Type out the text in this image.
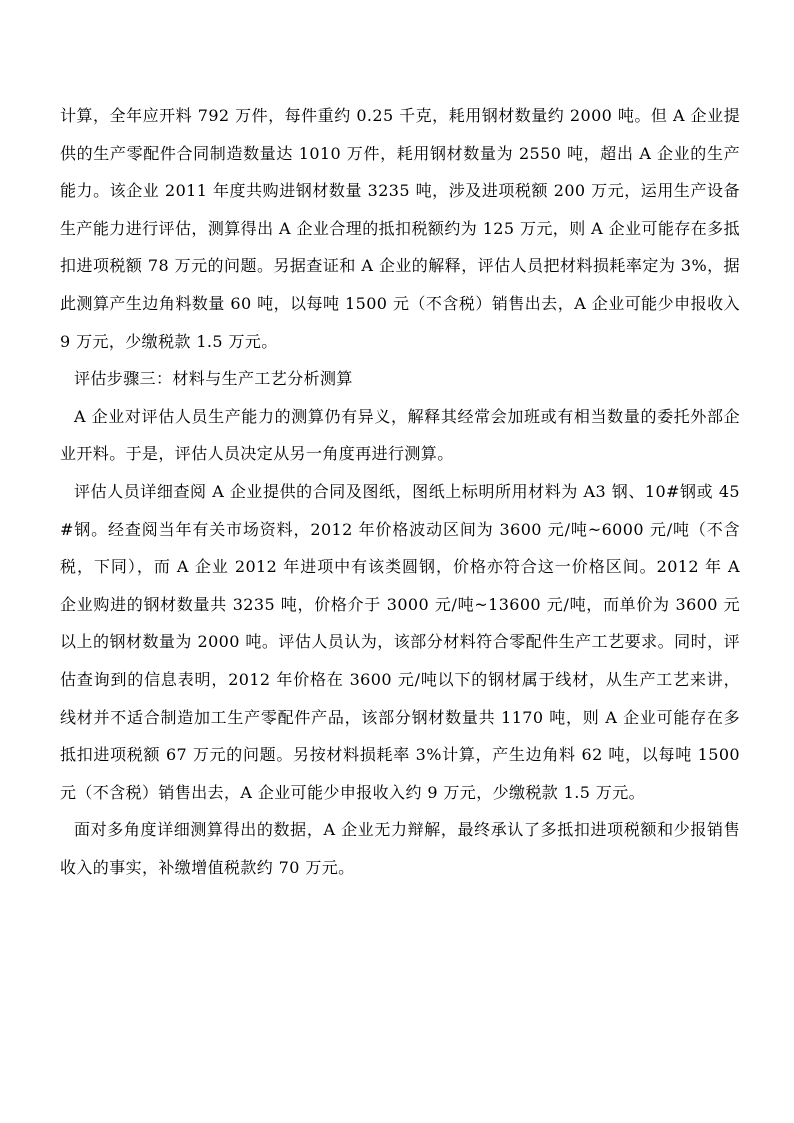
计算，全年应开料 792 万件，每件重约 0.25 千克，耗用钢材数量约 2000 吨。但 A 企业提供的生产零配件合同制造数量达 1010 万件，耗用钢材数量为 2550 吨，超出 A 企业的生产能力。该企业 2011 年度共购进钢材数量 3235 吨，涉及进项税额 200 万元，运用生产设备生产能力进行评估，测算得出 A 企业合理的抵扣税额约为 125 万元，则 A 企业可能存在多抵扣进项税额 78 万元的问题。另据查证和 A 企业的解释，评估人员把材料损耗率定为 3%，据此测算产生边角料数量 60 吨，以每吨 1500 元（不含税）销售出去，A 企业可能少申报收入 9 万元，少缴税款 1.5 万元。

评估步骤三：材料与生产工艺分析测算

A 企业对评估人员生产能力的测算仍有异义，解释其经常会加班或有相当数量的委托外部企业开料。于是，评估人员决定从另一角度再进行测算。

评估人员详细查阅 A 企业提供的合同及图纸，图纸上标明所用材料为 A3 钢、10#钢或 45#钢。经查阅当年有关市场资料，2012 年价格波动区间为 3600 元/吨~6000 元/吨（不含税，下同），而 A 企业 2012 年进项中有该类圆钢，价格亦符合这一价格区间。2012 年 A 企业购进的钢材数量共 3235 吨，价格介于 3000 元/吨~13600 元/吨，而单价为 3600 元以上的钢材数量为 2000 吨。评估人员认为，该部分材料符合零配件生产工艺要求。同时，评估查询到的信息表明，2012 年价格在 3600 元/吨以下的钢材属于线材，从生产工艺来讲，线材并不适合制造加工生产零配件产品，该部分钢材数量共 1170 吨，则 A 企业可能存在多抵扣进项税额 67 万元的问题。另按材料损耗率 3%计算，产生边角料 62 吨，以每吨 1500 元（不含税）销售出去，A 企业可能少申报收入约 9 万元，少缴税款 1.5 万元。

面对多角度详细测算得出的数据，A 企业无力辩解，最终承认了多抵扣进项税额和少报销售收入的事实，补缴增值税款约 70 万元。
